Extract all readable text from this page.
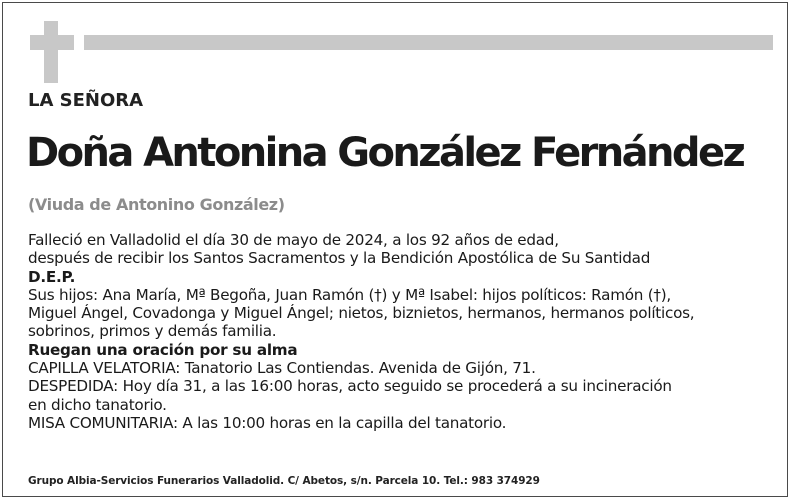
LA SEÑORA
Doña Antonina González Fernández
(Viuda de Antonino González)
Falleció en Valladolid el día 30 de mayo de 2024, a los 92 años de edad,
después de recibir los Santos Sacramentos y la Bendición Apostólica de Su Santidad
D.E.P.
Sus hijos: Ana María, Mª Begoña, Juan Ramón (†) y Mª Isabel: hijos políticos: Ramón (†),
Miguel Ángel, Covadonga y Miguel Ángel; nietos, biznietos, hermanos, hermanos políticos,
sobrinos, primos y demás familia.
Ruegan una oración por su alma
CAPILLA VELATORIA: Tanatorio Las Contiendas. Avenida de Gijón, 71.
DESPEDIDA: Hoy día 31, a las 16:00 horas, acto seguido se procederá a su incineración
en dicho tanatorio.
MISA COMUNITARIA: A las 10:00 horas en la capilla del tanatorio.
Grupo Albia-Servicios Funerarios Valladolid. C/ Abetos, s/n. Parcela 10. Tel.: 983 374929
